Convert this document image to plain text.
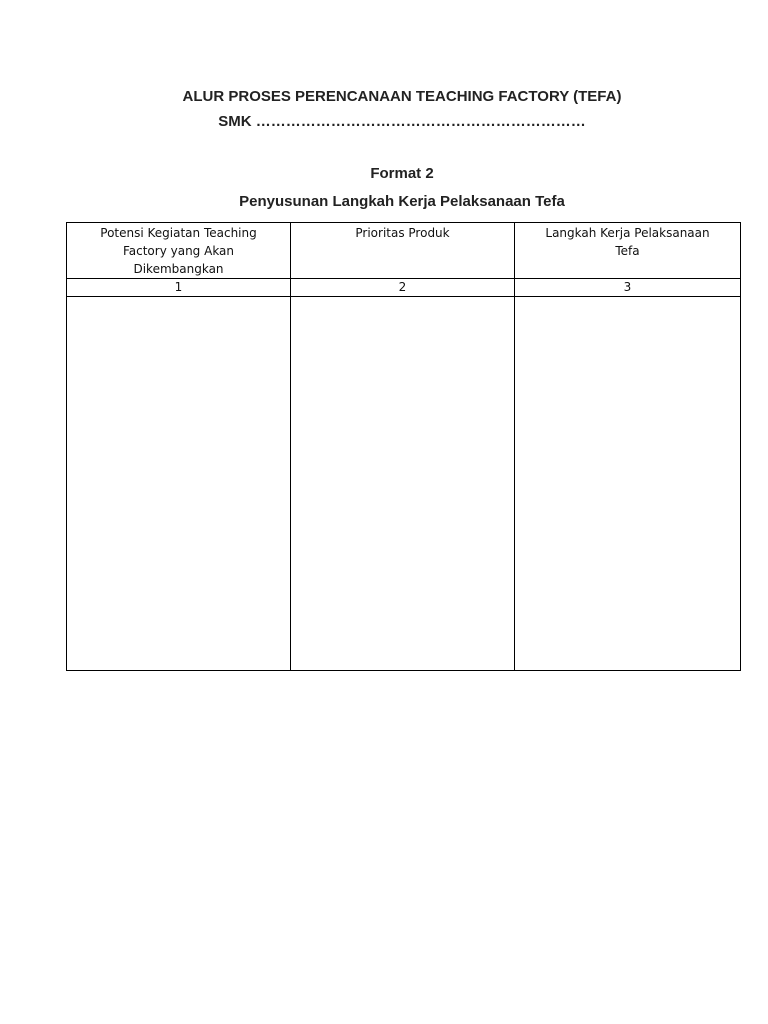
ALUR PROSES PERENCANAAN TEACHING FACTORY (TEFA)
SMK …………………………………………………………
Format 2
Penyusunan Langkah Kerja Pelaksanaan Tefa
Potensi Kegiatan Teaching Factory yang Akan Dikembangkan	Prioritas Produk	Langkah Kerja Pelaksanaan Tefa

1	2	3
